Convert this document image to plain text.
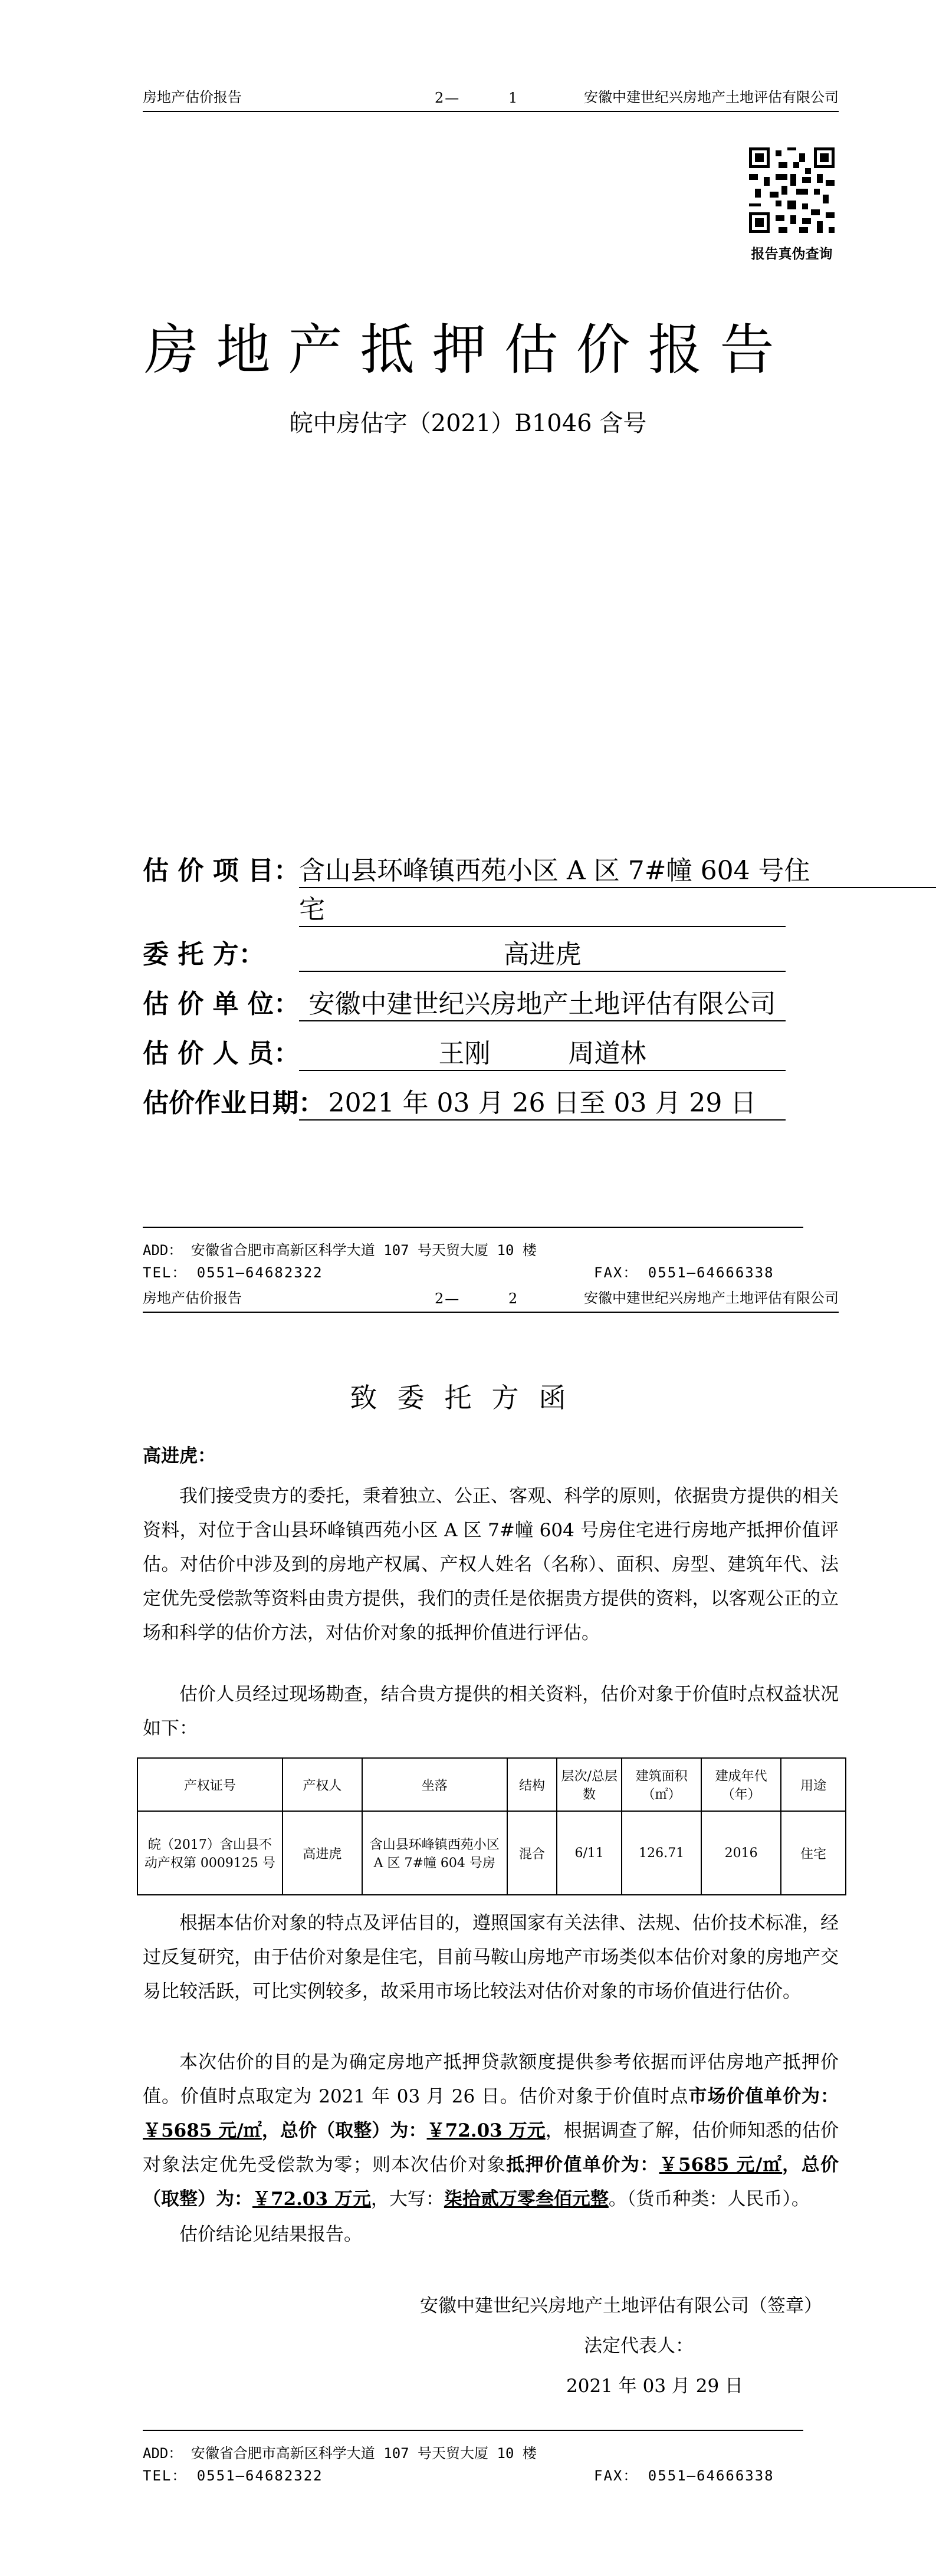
房地产估价报告	2—	1	安徽中建世纪兴房地产土地评估有限公司
报告真伪查询
房地产抵押估价报告
皖中房估字（2021）B1046 含号
估 价 项 目： 含山县环峰镇西苑小区 A 区 7#幢 604 号住
宅
委 托 方：	高进虎
估 价 单 位： 安徽中建世纪兴房地产土地评估有限公司
估 价 人 员：	王刚　　　周道林
估价作业日期： 2021 年 03 月 26 日至 03 月 29 日
ADD： 安徽省合肥市高新区科学大道 107 号天贸大厦 10 楼
TEL： 0551—64682322	FAX： 0551—64666338
房地产估价报告	2—	2	安徽中建世纪兴房地产土地评估有限公司
致委托方函
高进虎：
我们接受贵方的委托，秉着独立、公正、客观、科学的原则，依据贵方提供的相关资料，对位于含山县环峰镇西苑小区 A 区 7#幢 604 号房住宅进行房地产抵押价值评估。对估价中涉及到的房地产权属、产权人姓名（名称）、面积、房型、建筑年代、法定优先受偿款等资料由贵方提供，我们的责任是依据贵方提供的资料，以客观公正的立场和科学的估价方法，对估价对象的抵押价值进行评估。
估价人员经过现场勘查，结合贵方提供的相关资料，估价对象于价值时点权益状况如下：
产权证号	产权人	坐落	结构	层次/总层数	建筑面积（㎡）	建成年代（年）	用途
皖（2017）含山县不动产权第 0009125 号	高进虎	含山县环峰镇西苑小区 A 区 7#幢 604 号房	混合	6/11	126.71	2016	住宅
根据本估价对象的特点及评估目的，遵照国家有关法律、法规、估价技术标准，经过反复研究，由于估价对象是住宅，目前马鞍山房地产市场类似本估价对象的房地产交易比较活跃，可比实例较多，故采用市场比较法对估价对象的市场价值进行估价。
本次估价的目的是为确定房地产抵押贷款额度提供参考依据而评估房地产抵押价值。价值时点取定为 2021 年 03 月 26 日。估价对象于价值时点市场价值单价为：￥5685 元/㎡，总价（取整）为：￥72.03 万元，根据调查了解，估价师知悉的估价对象法定优先受偿款为零；则本次估价对象抵押价值单价为：￥5685 元/㎡，总价（取整）为：￥72.03 万元，大写：柒拾贰万零叁佰元整。（货币种类：人民币）。
估价结论见结果报告。
安徽中建世纪兴房地产土地评估有限公司（签章）
法定代表人：
2021 年 03 月 29 日
ADD： 安徽省合肥市高新区科学大道 107 号天贸大厦 10 楼
TEL： 0551—64682322	FAX： 0551—64666338
